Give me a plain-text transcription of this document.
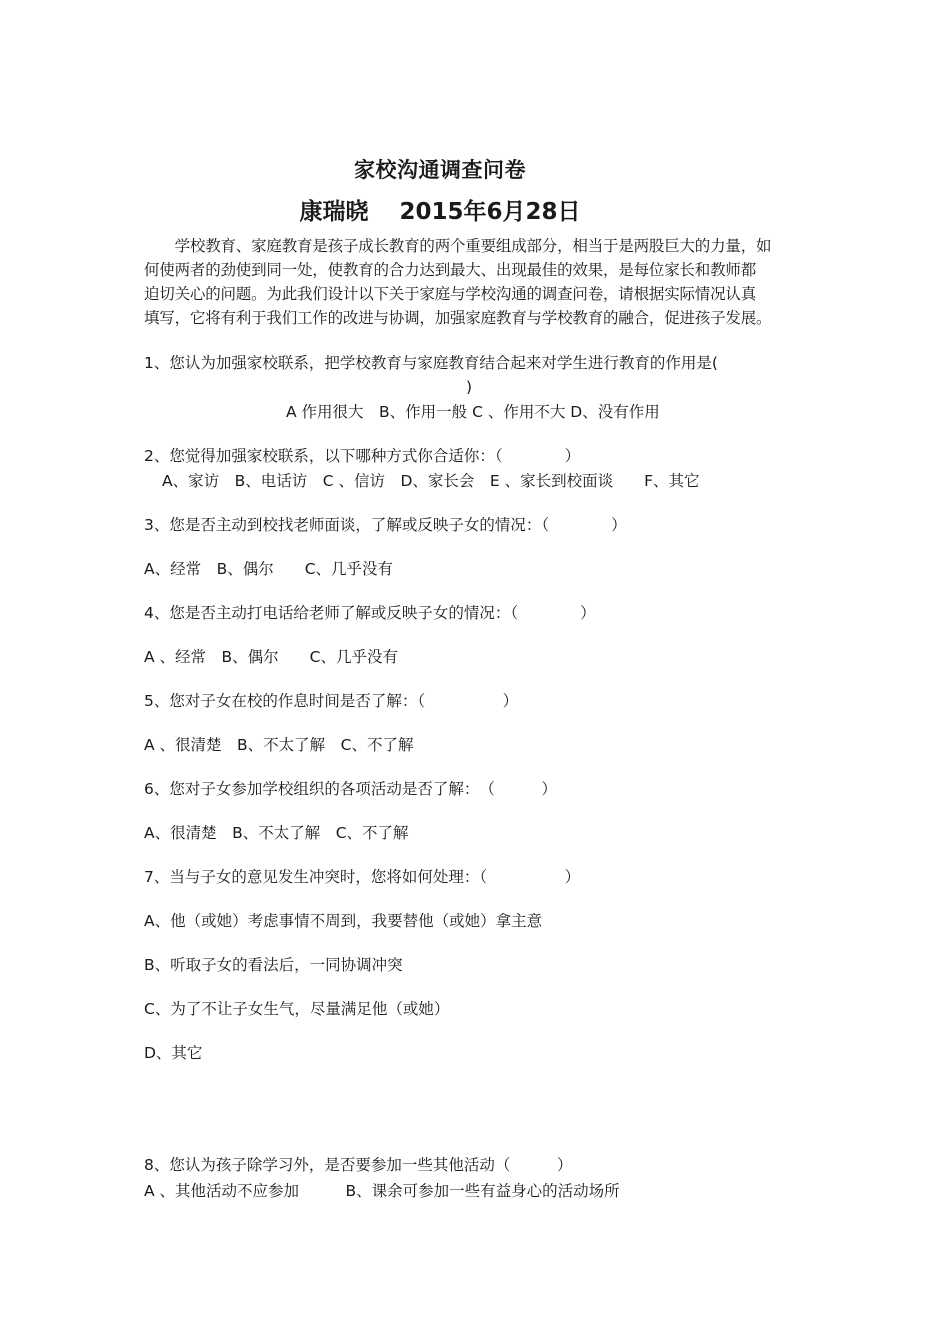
家校沟通调查问卷
康瑞晓　 2015年6月28日
　　学校教育、家庭教育是孩子成长教育的两个重要组成部分，相当于是两股巨大的力量，如
何使两者的劲使到同一处，使教育的合力达到最大、出现最佳的效果，是每位家长和教师都
迫切关心的问题。为此我们设计以下关于家庭与学校沟通的调查问卷，请根据实际情况认真
填写，它将有利于我们工作的改进与协调，加强家庭教育与学校教育的融合，促进孩子发展。
1、您认为加强家校联系，把学校教育与家庭教育结合起来对学生进行教育的作用是(
)
A 作用很大　B、作用一般 C 、作用不大 D、没有作用
2、您觉得加强家校联系，以下哪种方式你合适你：（　　　　）
A、家访　B、电话访　C 、信访　D、家长会　E 、家长到校面谈　　F、其它
3、您是否主动到校找老师面谈，了解或反映子女的情况：（　　　　）
A、经常　B、偶尔　　C、几乎没有
4、您是否主动打电话给老师了解或反映子女的情况：（　　　　）
A 、经常　B、偶尔　　C、几乎没有
5、您对子女在校的作息时间是否了解：（　　　　　）
A 、很清楚　B、不太了解　C、不了解
6、您对子女参加学校组织的各项活动是否了解：　（　　　）
A、很清楚　B、不太了解　C、不了解
7、当与子女的意见发生冲突时，您将如何处理：（　　　　　）
A、他（或她）考虑事情不周到，我要替他（或她）拿主意
B、听取子女的看法后，一同协调冲突
C、为了不让子女生气，尽量满足他（或她）
D、其它
8、您认为孩子除学习外，是否要参加一些其他活动（　　　）
A 、其他活动不应参加　　　B、课余可参加一些有益身心的活动场所
